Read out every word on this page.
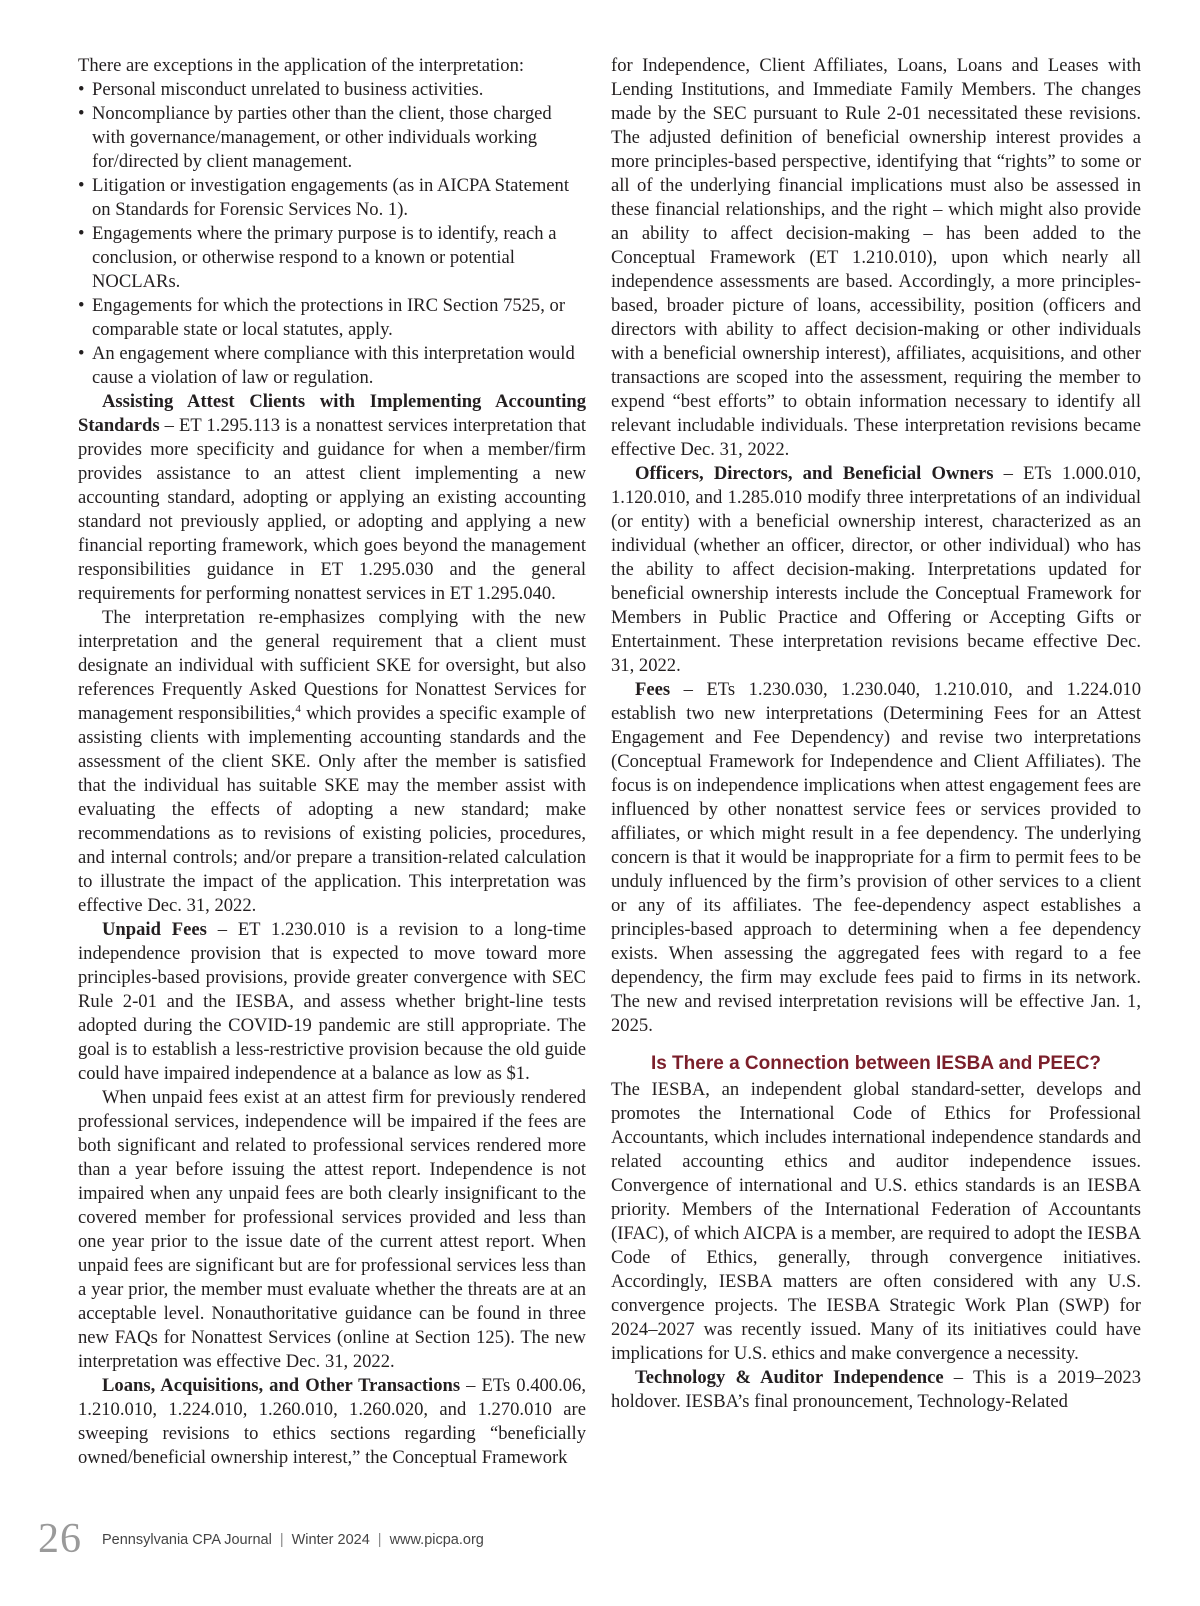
There are exceptions in the application of the interpretation:

• Personal misconduct unrelated to business activities.
• Noncompliance by parties other than the client, those charged with governance/management, or other individuals working for/directed by client management.
• Litigation or investigation engagements (as in AICPA Statement on Standards for Forensic Services No. 1).
• Engagements where the primary purpose is to identify, reach a conclusion, or otherwise respond to a known or potential NOCLARs.
• Engagements for which the protections in IRC Section 7525, or comparable state or local statutes, apply.
• An engagement where compliance with this interpretation would cause a violation of law or regulation.

Assisting Attest Clients with Implementing Accounting Standards – ET 1.295.113 is a nonattest services interpretation that provides more specificity and guidance for when a member/firm provides assistance to an attest client implementing a new accounting standard, adopting or applying an existing accounting standard not previously applied, or adopting and applying a new financial reporting framework, which goes beyond the management responsibilities guidance in ET 1.295.030 and the general requirements for performing nonattest services in ET 1.295.040.

The interpretation re-emphasizes complying with the new interpretation and the general requirement that a client must designate an individual with sufficient SKE for oversight, but also references Frequently Asked Questions for Nonattest Services for management responsibilities,$^4$ which provides a specific example of assisting clients with implementing accounting standards and the assessment of the client SKE. Only after the member is satisfied that the individual has suitable SKE may the member assist with evaluating the effects of adopting a new standard; make recommendations as to revisions of existing policies, procedures, and internal controls; and/or prepare a transition-related calculation to illustrate the impact of the application. This interpretation was effective Dec. 31, 2022.

Unpaid Fees – ET 1.230.010 is a revision to a long-time independence provision that is expected to move toward more principles-based provisions, provide greater convergence with SEC Rule 2-01 and the IESBA, and assess whether bright-line tests adopted during the COVID-19 pandemic are still appropriate. The goal is to establish a less-restrictive provision because the old guide could have impaired independence at a balance as low as $1.

When unpaid fees exist at an attest firm for previously rendered professional services, independence will be impaired if the fees are both significant and related to professional services rendered more than a year before issuing the attest report. Independence is not impaired when any unpaid fees are both clearly insignificant to the covered member for professional services provided and less than one year prior to the issue date of the current attest report. When unpaid fees are significant but are for professional services less than a year prior, the member must evaluate whether the threats are at an acceptable level. Nonauthoritative guidance can be found in three new FAQs for Nonattest Services (online at Section 125). The new interpretation was effective Dec. 31, 2022.

Loans, Acquisitions, and Other Transactions – ETs 0.400.06, 1.210.010, 1.224.010, 1.260.010, 1.260.020, and 1.270.010 are sweeping revisions to ethics sections regarding “beneficially owned/beneficial ownership interest,” the Conceptual Framework

for Independence, Client Affiliates, Loans, Loans and Leases with Lending Institutions, and Immediate Family Members. The changes made by the SEC pursuant to Rule 2-01 necessitated these revisions. The adjusted definition of beneficial ownership interest provides a more principles-based perspective, identifying that “rights” to some or all of the underlying financial implications must also be assessed in these financial relationships, and the right – which might also provide an ability to affect decision-making – has been added to the Conceptual Framework (ET 1.210.010), upon which nearly all independence assessments are based. Accordingly, a more principles-based, broader picture of loans, accessibility, position (officers and directors with ability to affect decision-making or other individuals with a beneficial ownership interest), affiliates, acquisitions, and other transactions are scoped into the assessment, requiring the member to expend “best efforts” to obtain information necessary to identify all relevant includable individuals. These interpretation revisions became effective Dec. 31, 2022.

Officers, Directors, and Beneficial Owners – ETs 1.000.010, 1.120.010, and 1.285.010 modify three interpretations of an individual (or entity) with a beneficial ownership interest, characterized as an individual (whether an officer, director, or other individual) who has the ability to affect decision-making. Interpretations updated for beneficial ownership interests include the Conceptual Framework for Members in Public Practice and Offering or Accepting Gifts or Entertainment. These interpretation revisions became effective Dec. 31, 2022.

Fees – ETs 1.230.030, 1.230.040, 1.210.010, and 1.224.010 establish two new interpretations (Determining Fees for an Attest Engagement and Fee Dependency) and revise two interpretations (Conceptual Framework for Independence and Client Affiliates). The focus is on independence implications when attest engagement fees are influenced by other nonattest service fees or services provided to affiliates, or which might result in a fee dependency. The underlying concern is that it would be inappropriate for a firm to permit fees to be unduly influenced by the firm’s provision of other services to a client or any of its affiliates. The fee-dependency aspect establishes a principles-based approach to determining when a fee dependency exists. When assessing the aggregated fees with regard to a fee dependency, the firm may exclude fees paid to firms in its network. The new and revised interpretation revisions will be effective Jan. 1, 2025.

Is There a Connection between IESBA and PEEC?

The IESBA, an independent global standard-setter, develops and promotes the International Code of Ethics for Professional Accountants, which includes international independence standards and related accounting ethics and auditor independence issues. Convergence of international and U.S. ethics standards is an IESBA priority. Members of the International Federation of Accountants (IFAC), of which AICPA is a member, are required to adopt the IESBA Code of Ethics, generally, through convergence initiatives. Accordingly, IESBA matters are often considered with any U.S. convergence projects. The IESBA Strategic Work Plan (SWP) for 2024–2027 was recently issued. Many of its initiatives could have implications for U.S. ethics and make convergence a necessity.

Technology & Auditor Independence – This is a 2019–2023 holdover. IESBA’s final pronouncement, Technology-Related

26 Pennsylvania CPA Journal | Winter 2024 | www.picpa.org
